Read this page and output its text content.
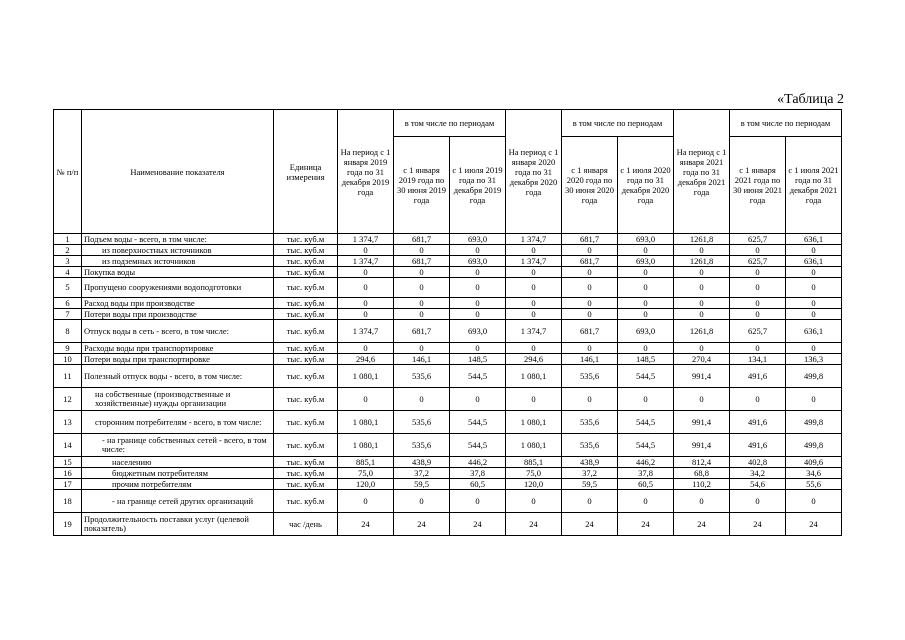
«Таблица 2
№ п/п	Наименование показателя	Единица измерения	На период с 1 января 2019 года по 31 декабря 2019 года	в том числе по периодам		На период с 1 января 2020 года по 31 декабря 2020 года	в том числе по периодам		На период с 1 января 2021 года по 31 декабря 2021 года	в том числе по периодам	
				с 1 января 2019 года по 30 июня 2019 года	с 1 июля 2019 года по 31 декабря 2019 года		с 1 января 2020 года по 30 июня 2020 года	с 1 июля 2020 года по 31 декабря 2020 года		с 1 января 2021 года по 30 июня 2021 года	с 1 июля 2021 года по 31 декабря 2021 года
1	Подъем воды - всего, в том числе:	тыс. куб.м	1 374,7	681,7	693,0	1 374,7	681,7	693,0	1261,8	625,7	636,1
2	из поверхностных источников	тыс. куб.м	0	0	0	0	0	0	0	0	0
3	из подземных источников	тыс. куб.м	1 374,7	681,7	693,0	1 374,7	681,7	693,0	1261,8	625,7	636,1
4	Покупка воды	тыс. куб.м	0	0	0	0	0	0	0	0	0
5	Пропущено сооружениями водоподготовки	тыс. куб.м	0	0	0	0	0	0	0	0	0
6	Расход воды при производстве	тыс. куб.м	0	0	0	0	0	0	0	0	0
7	Потери воды при производстве	тыс. куб.м	0	0	0	0	0	0	0	0	0
8	Отпуск воды в сеть - всего, в том числе:	тыс. куб.м	1 374,7	681,7	693,0	1 374,7	681,7	693,0	1261,8	625,7	636,1
9	Расходы воды при транспортировке	тыс. куб.м	0	0	0	0	0	0	0	0	0
10	Потери воды при транспортировке	тыс. куб.м	294,6	146,1	148,5	294,6	146,1	148,5	270,4	134,1	136,3
11	Полезный отпуск воды - всего, в том числе:	тыс. куб.м	1 080,1	535,6	544,5	1 080,1	535,6	544,5	991,4	491,6	499,8
12	на собственные (производственные и хозяйственные) нужды организации	тыс. куб.м	0	0	0	0	0	0	0	0	0
13	сторонним потребителям - всего, в том числе:	тыс. куб.м	1 080,1	535,6	544,5	1 080,1	535,6	544,5	991,4	491,6	499,8
14	- на границе собственных сетей - всего, в том числе:	тыс. куб.м	1 080,1	535,6	544,5	1 080,1	535,6	544,5	991,4	491,6	499,8
15	населению	тыс. куб.м	885,1	438,9	446,2	885,1	438,9	446,2	812,4	402,8	409,6
16	бюджетным потребителям	тыс. куб.м	75,0	37,2	37,8	75,0	37,2	37,8	68,8	34,2	34,6
17	прочим потребителям	тыс. куб.м	120,0	59,5	60,5	120,0	59,5	60,5	110,2	54,6	55,6
18	- на границе сетей других организаций	тыс. куб.м	0	0	0	0	0	0	0	0	0
19	Продолжительность поставки услуг (целевой показатель)	час /день	24	24	24	24	24	24	24	24	24
